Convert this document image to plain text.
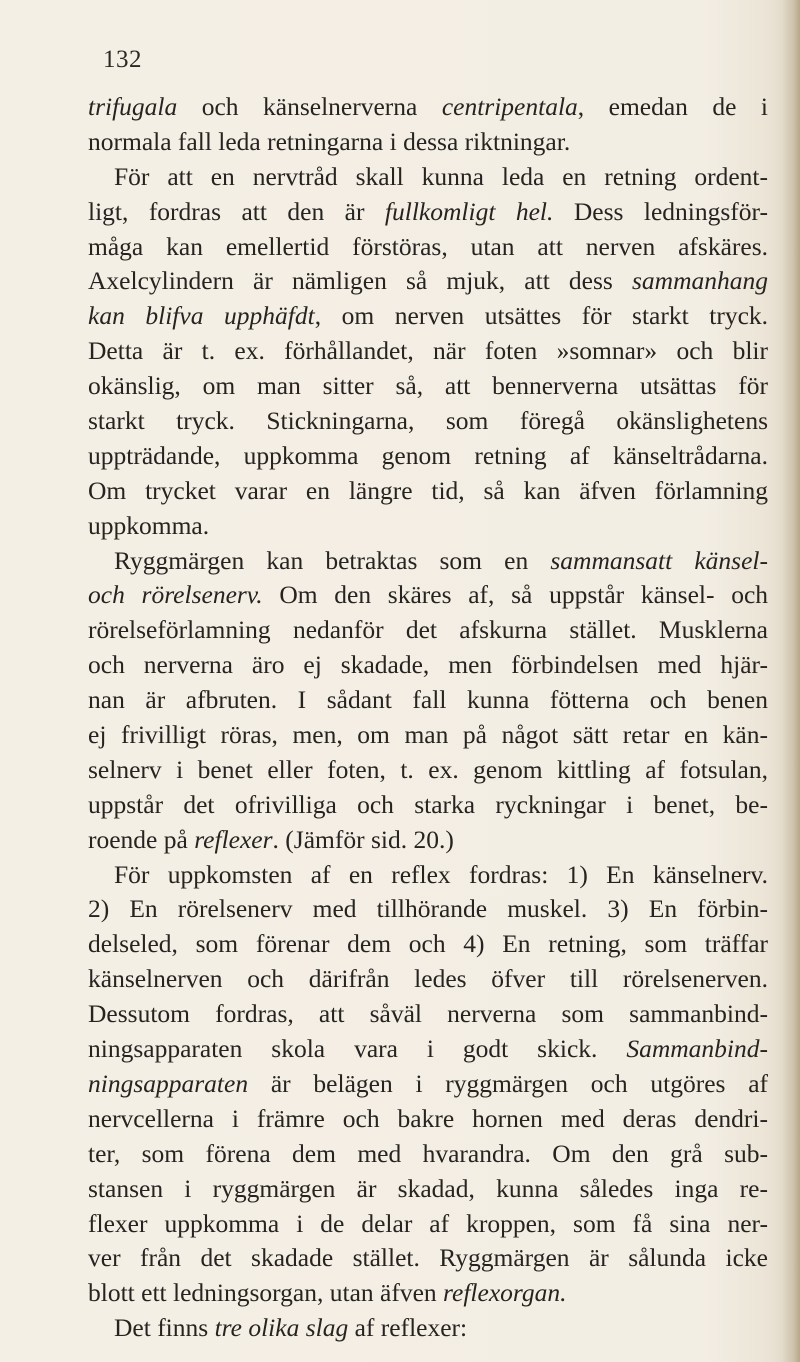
132
trifugala och känselnerverna centripentala, emedan de i
normala fall leda retningarna i dessa riktningar.
För att en nervtråd skall kunna leda en retning ordent-
ligt, fordras att den är fullkomligt hel. Dess ledningsför-
måga kan emellertid förstöras, utan att nerven afskäres.
Axelcylindern är nämligen så mjuk, att dess sammanhang
kan blifva upphäfdt, om nerven utsättes för starkt tryck.
Detta är t. ex. förhållandet, när foten »somnar» och blir
okänslig, om man sitter så, att bennerverna utsättas för
starkt tryck. Stickningarna, som föregå okänslighetens
uppträdande, uppkomma genom retning af känseltrådarna.
Om trycket varar en längre tid, så kan äfven förlamning
uppkomma.
Ryggmärgen kan betraktas som en sammansatt känsel-
och rörelsenerv. Om den skäres af, så uppstår känsel- och
rörelseförlamning nedanför det afskurna stället. Musklerna
och nerverna äro ej skadade, men förbindelsen med hjär-
nan är afbruten. I sådant fall kunna fötterna och benen
ej frivilligt röras, men, om man på något sätt retar en kän-
selnerv i benet eller foten, t. ex. genom kittling af fotsulan,
uppstår det ofrivilliga och starka ryckningar i benet, be-
roende på reflexer. (Jämför sid. 20.)
För uppkomsten af en reflex fordras: 1) En känselnerv.
2) En rörelsenerv med tillhörande muskel. 3) En förbin-
delseled, som förenar dem och 4) En retning, som träffar
känselnerven och därifrån ledes öfver till rörelsenerven.
Dessutom fordras, att såväl nerverna som sammanbind-
ningsapparaten skola vara i godt skick. Sammanbind-
ningsapparaten är belägen i ryggmärgen och utgöres af
nervcellerna i främre och bakre hornen med deras dendri-
ter, som förena dem med hvarandra. Om den grå sub-
stansen i ryggmärgen är skadad, kunna således inga re-
flexer uppkomma i de delar af kroppen, som få sina ner-
ver från det skadade stället. Ryggmärgen är sålunda icke
blott ett ledningsorgan, utan äfven reflexorgan.
Det finns tre olika slag af reflexer:
